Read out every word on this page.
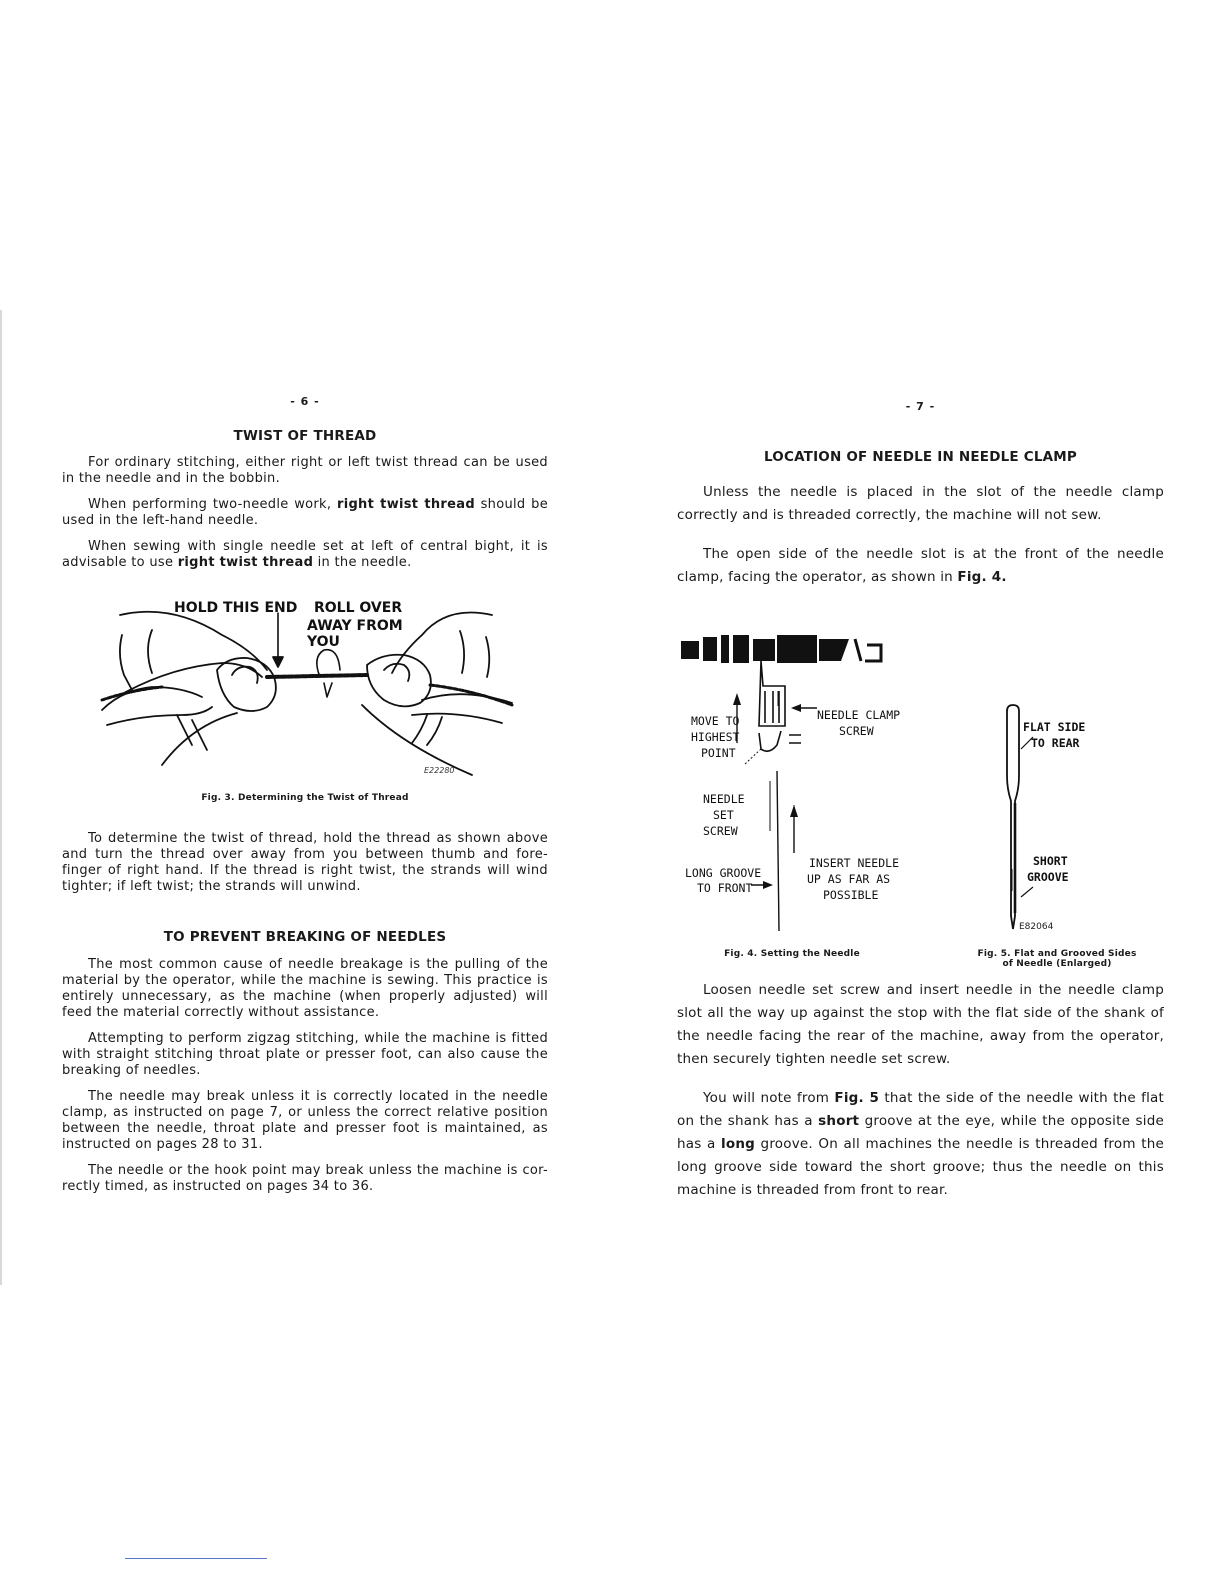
- 6 -
TWIST OF THREAD

For ordinary stitching, either right or left twist thread can be used in the needle and in the bobbin.

When performing two-needle work, right twist thread should be used in the left-hand needle.

When sewing with single needle set at left of central bight, it is advisable to use right twist thread in the needle.

HOLD THIS END ROLL OVER
AWAY FROM
YOU
E22280
Fig. 3. Determining the Twist of Thread

To determine the twist of thread, hold the thread as shown above and turn the thread over away from you between thumb and fore-finger of right hand. If the thread is right twist, the strands will wind tighter; if left twist; the strands will unwind.

TO PREVENT BREAKING OF NEEDLES

The most common cause of needle breakage is the pulling of the material by the operator, while the machine is sewing. This practice is entirely unnecessary, as the machine (when properly adjusted) will feed the material correctly without assistance.

Attempting to perform zigzag stitching, while the machine is fitted with straight stitching throat plate or presser foot, can also cause the breaking of needles.

The needle may break unless it is correctly located in the needle clamp, as instructed on page 7, or unless the correct relative position between the needle, throat plate and presser foot is maintained, as instructed on pages 28 to 31.

The needle or the hook point may break unless the machine is cor-rectly timed, as instructed on pages 34 to 36.

- 7 -
LOCATION OF NEEDLE IN NEEDLE CLAMP

Unless the needle is placed in the slot of the needle clamp correctly and is threaded correctly, the machine will not sew.

The open side of the needle slot is at the front of the needle clamp, facing the operator, as shown in Fig. 4.

MOVE TO
HIGHEST
POINT
NEEDLE CLAMP
SCREW
NEEDLE
SET
SCREW
LONG GROOVE
TO FRONT
INSERT NEEDLE
UP AS FAR AS
POSSIBLE
FLAT SIDE
TO REAR
SHORT
GROOVE
E82064
Fig. 4. Setting the Needle	Fig. 5. Flat and Grooved Sides
of Needle (Enlarged)

Loosen needle set screw and insert needle in the needle clamp slot all the way up against the stop with the flat side of the shank of the needle facing the rear of the machine, away from the operator, then securely tighten needle set screw.

You will note from Fig. 5 that the side of the needle with the flat on the shank has a short groove at the eye, while the opposite side has a long groove. On all machines the needle is threaded from the long groove side toward the short groove; thus the needle on this machine is threaded from front to rear.
